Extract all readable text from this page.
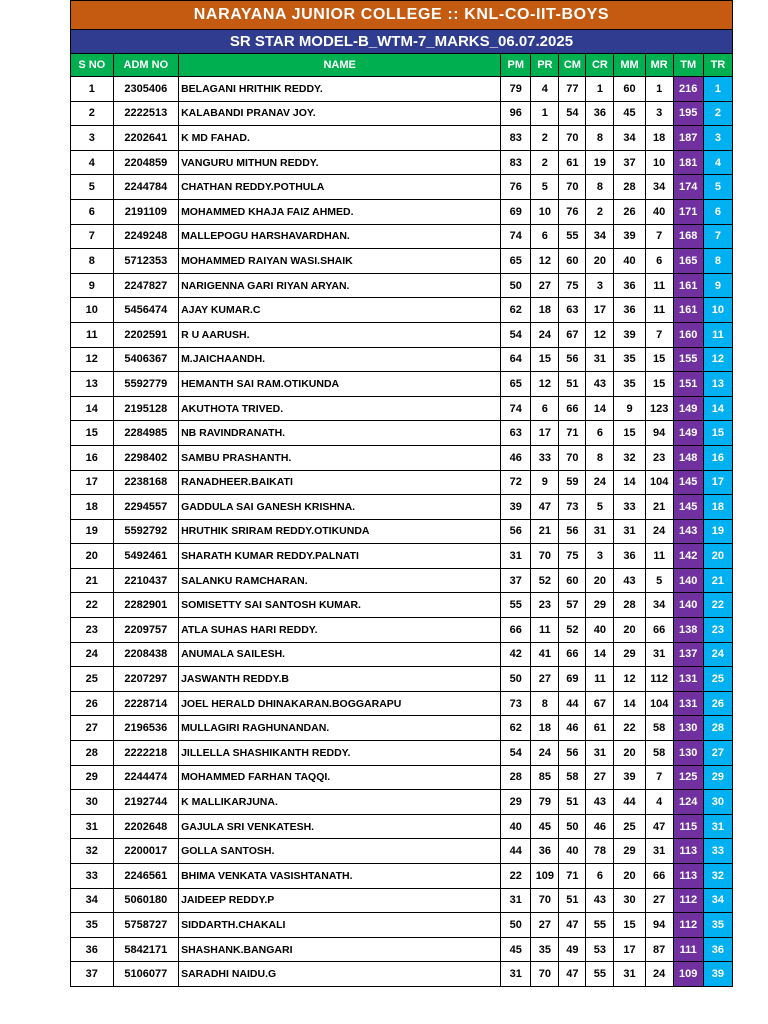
NARAYANA JUNIOR COLLEGE :: KNL-CO-IIT-BOYS										
SR STAR MODEL-B_WTM-7_MARKS_06.07.2025										
S NO	ADM NO	NAME	PM	PR	CM	CR	MM	MR	TM	TR
1	2305406	BELAGANI HRITHIK REDDY.	79	4	77	1	60	1	216	1
2	2222513	KALABANDI PRANAV JOY.	96	1	54	36	45	3	195	2
3	2202641	K MD FAHAD.	83	2	70	8	34	18	187	3
4	2204859	VANGURU MITHUN REDDY.	83	2	61	19	37	10	181	4
5	2244784	CHATHAN REDDY.POTHULA	76	5	70	8	28	34	174	5
6	2191109	MOHAMMED KHAJA FAIZ AHMED.	69	10	76	2	26	40	171	6
7	2249248	MALLEPOGU HARSHAVARDHAN.	74	6	55	34	39	7	168	7
8	5712353	MOHAMMED RAIYAN WASI.SHAIK	65	12	60	20	40	6	165	8
9	2247827	NARIGENNA GARI RIYAN ARYAN.	50	27	75	3	36	11	161	9
10	5456474	AJAY KUMAR.C	62	18	63	17	36	11	161	10
11	2202591	R U AARUSH.	54	24	67	12	39	7	160	11
12	5406367	M.JAICHAANDH.	64	15	56	31	35	15	155	12
13	5592779	HEMANTH SAI RAM.OTIKUNDA	65	12	51	43	35	15	151	13
14	2195128	AKUTHOTA TRIVED.	74	6	66	14	9	123	149	14
15	2284985	NB RAVINDRANATH.	63	17	71	6	15	94	149	15
16	2298402	SAMBU PRASHANTH.	46	33	70	8	32	23	148	16
17	2238168	RANADHEER.BAIKATI	72	9	59	24	14	104	145	17
18	2294557	GADDULA SAI GANESH KRISHNA.	39	47	73	5	33	21	145	18
19	5592792	HRUTHIK SRIRAM REDDY.OTIKUNDA	56	21	56	31	31	24	143	19
20	5492461	SHARATH KUMAR REDDY.PALNATI	31	70	75	3	36	11	142	20
21	2210437	SALANKU RAMCHARAN.	37	52	60	20	43	5	140	21
22	2282901	SOMISETTY SAI SANTOSH KUMAR.	55	23	57	29	28	34	140	22
23	2209757	ATLA SUHAS HARI REDDY.	66	11	52	40	20	66	138	23
24	2208438	ANUMALA SAILESH.	42	41	66	14	29	31	137	24
25	2207297	JASWANTH REDDY.B	50	27	69	11	12	112	131	25
26	2228714	JOEL HERALD DHINAKARAN.BOGGARAPU	73	8	44	67	14	104	131	26
27	2196536	MULLAGIRI RAGHUNANDAN.	62	18	46	61	22	58	130	28
28	2222218	JILLELLA SHASHIKANTH REDDY.	54	24	56	31	20	58	130	27
29	2244474	MOHAMMED FARHAN TAQQI.	28	85	58	27	39	7	125	29
30	2192744	K MALLIKARJUNA.	29	79	51	43	44	4	124	30
31	2202648	GAJULA SRI VENKATESH.	40	45	50	46	25	47	115	31
32	2200017	GOLLA SANTOSH.	44	36	40	78	29	31	113	33
33	2246561	BHIMA VENKATA VASISHTANATH.	22	109	71	6	20	66	113	32
34	5060180	JAIDEEP REDDY.P	31	70	51	43	30	27	112	34
35	5758727	SIDDARTH.CHAKALI	50	27	47	55	15	94	112	35
36	5842171	SHASHANK.BANGARI	45	35	49	53	17	87	111	36
37	5106077	SARADHI NAIDU.G	31	70	47	55	31	24	109	39
